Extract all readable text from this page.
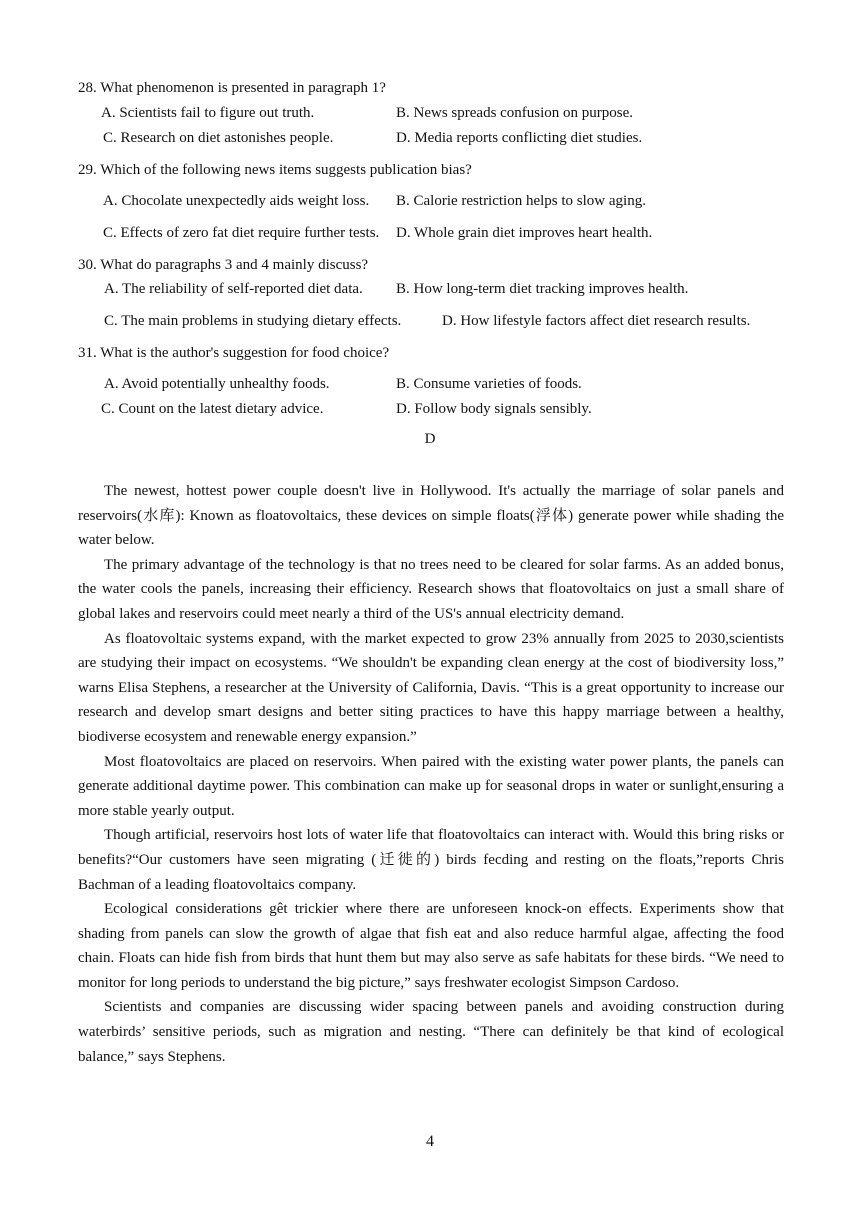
28. What phenomenon is presented in paragraph 1?
A. Scientists fail to figure out truth.	B. News spreads confusion on purpose.
C. Research on diet astonishes people.	D. Media reports conflicting diet studies.
29. Which of the following news items suggests publication bias?
A. Chocolate unexpectedly aids weight loss. B. Calorie restriction helps to slow aging.
C. Effects of zero fat diet require further tests. D. Whole grain diet improves heart health.
30. What do paragraphs 3 and 4 mainly discuss?
A. The reliability of self-reported diet data. B. How long-term diet tracking improves health.
C. The main problems in studying dietary effects.	D. How lifestyle factors affect diet research results.
31. What is the author's suggestion for food choice?
A. Avoid potentially unhealthy foods.	B. Consume varieties of foods.
C. Count on the latest dietary advice.	D. Follow body signals sensibly.
D

The newest, hottest power couple doesn't live in Hollywood. It's actually the marriage of solar panels and reservoirs(水库): Known as floatovoltaics, these devices on simple floats(浮体) generate power while shading the water below.

The primary advantage of the technology is that no trees need to be cleared for solar farms. As an added bonus, the water cools the panels, increasing their efficiency. Research shows that floatovoltaics on just a small share of global lakes and reservoirs could meet nearly a third of the US's annual electricity demand.

As floatovoltaic systems expand, with the market expected to grow 23% annually from 2025 to 2030,scientists are studying their impact on ecosystems. “We shouldn't be expanding clean energy at the cost of biodiversity loss,” warns Elisa Stephens, a researcher at the University of California, Davis. “This is a great opportunity to increase our research and develop smart designs and better siting practices to have this happy marriage between a healthy, biodiverse ecosystem and renewable energy expansion.”

Most floatovoltaics are placed on reservoirs. When paired with the existing water power plants, the panels can generate additional daytime power. This combination can make up for seasonal drops in water or sunlight,ensuring a more stable yearly output.

Though artificial, reservoirs host lots of water life that floatovoltaics can interact with. Would this bring risks or benefits?“Our customers have seen migrating (迁徙的) birds fecding and resting on the floats,”reports Chris Bachman of a leading floatovoltaics company.

Ecological considerations gêt trickier where there are unforeseen knock-on effects. Experiments show that shading from panels can slow the growth of algae that fish eat and also reduce harmful algae, affecting the food chain. Floats can hide fish from birds that hunt them but may also serve as safe habitats for these birds. “We need to monitor for long periods to understand the big picture,” says freshwater ecologist Simpson Cardoso.

Scientists and companies are discussing wider spacing between panels and avoiding construction during waterbirds’ sensitive periods, such as migration and nesting. “There can definitely be that kind of ecological balance,” says Stephens.

4
